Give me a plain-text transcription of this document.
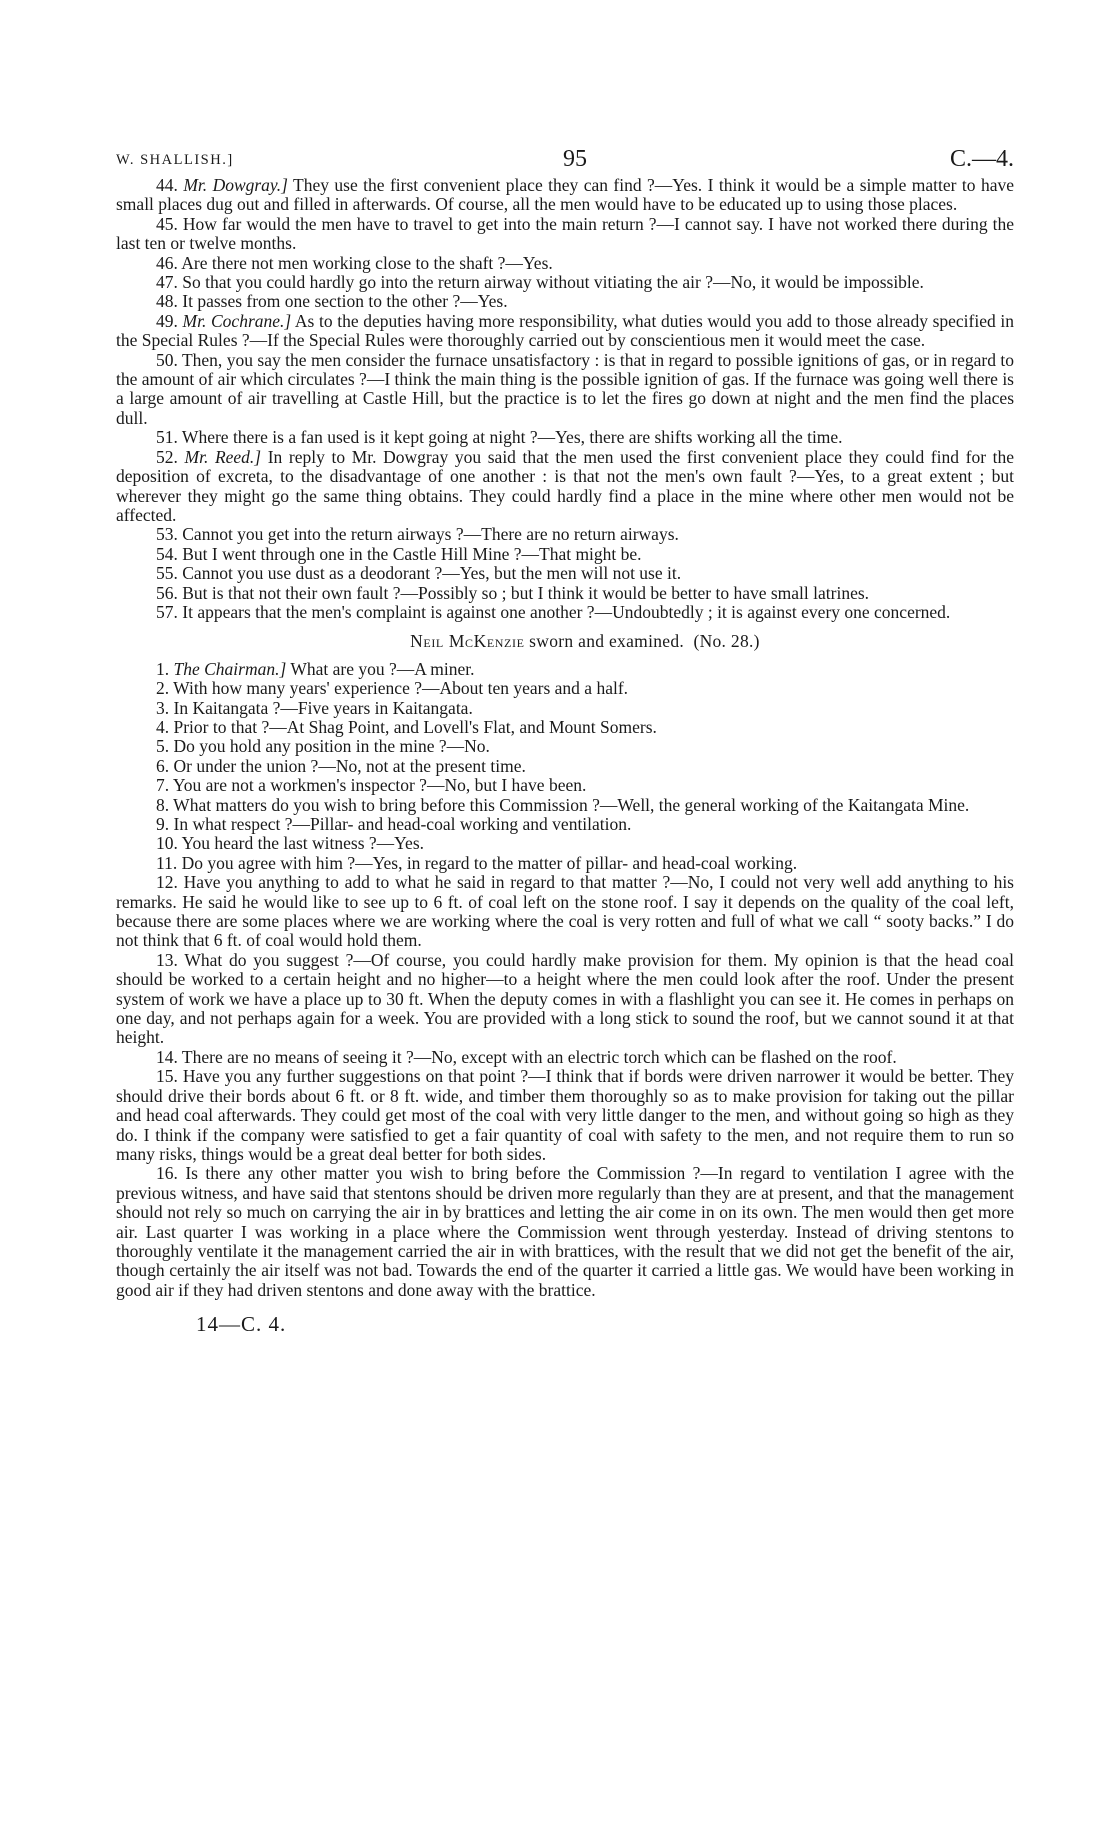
W. SHALLISH.]	95	C.—4.

44. Mr. Dowgray.] They use the first convenient place they can find ?—Yes. I think it would be a simple matter to have small places dug out and filled in afterwards. Of course, all the men would have to be educated up to using those places.

45. How far would the men have to travel to get into the main return ?—I cannot say. I have not worked there during the last ten or twelve months.

46. Are there not men working close to the shaft ?—Yes.

47. So that you could hardly go into the return airway without vitiating the air ?—No, it would be impossible.

48. It passes from one section to the other ?—Yes.

49. Mr. Cochrane.] As to the deputies having more responsibility, what duties would you add to those already specified in the Special Rules ?—If the Special Rules were thoroughly carried out by conscientious men it would meet the case.

50. Then, you say the men consider the furnace unsatisfactory : is that in regard to possible ignitions of gas, or in regard to the amount of air which circulates ?—I think the main thing is the possible ignition of gas. If the furnace was going well there is a large amount of air travelling at Castle Hill, but the practice is to let the fires go down at night and the men find the places dull.

51. Where there is a fan used is it kept going at night ?—Yes, there are shifts working all the time.

52. Mr. Reed.] In reply to Mr. Dowgray you said that the men used the first convenient place they could find for the deposition of excreta, to the disadvantage of one another : is that not the men's own fault ?—Yes, to a great extent ; but wherever they might go the same thing obtains. They could hardly find a place in the mine where other men would not be affected.

53. Cannot you get into the return airways ?—There are no return airways.

54. But I went through one in the Castle Hill Mine ?—That might be.

55. Cannot you use dust as a deodorant ?—Yes, but the men will not use it.

56. But is that not their own fault ?—Possibly so ; but I think it would be better to have small latrines.

57. It appears that the men's complaint is against one another ?—Undoubtedly ; it is against every one concerned.

Neil McKenzie sworn and examined. (No. 28.)

1. The Chairman.] What are you ?—A miner.

2. With how many years' experience ?—About ten years and a half.

3. In Kaitangata ?—Five years in Kaitangata.

4. Prior to that ?—At Shag Point, and Lovell's Flat, and Mount Somers.

5. Do you hold any position in the mine ?—No.

6. Or under the union ?—No, not at the present time.

7. You are not a workmen's inspector ?—No, but I have been.

8. What matters do you wish to bring before this Commission ?—Well, the general working of the Kaitangata Mine.

9. In what respect ?—Pillar- and head-coal working and ventilation.

10. You heard the last witness ?—Yes.

11. Do you agree with him ?—Yes, in regard to the matter of pillar- and head-coal working.

12. Have you anything to add to what he said in regard to that matter ?—No, I could not very well add anything to his remarks. He said he would like to see up to 6 ft. of coal left on the stone roof. I say it depends on the quality of the coal left, because there are some places where we are working where the coal is very rotten and full of what we call “ sooty backs.” I do not think that 6 ft. of coal would hold them.

13. What do you suggest ?—Of course, you could hardly make provision for them. My opinion is that the head coal should be worked to a certain height and no higher—to a height where the men could look after the roof. Under the present system of work we have a place up to 30 ft. When the deputy comes in with a flashlight you can see it. He comes in perhaps on one day, and not perhaps again for a week. You are provided with a long stick to sound the roof, but we cannot sound it at that height.

14. There are no means of seeing it ?—No, except with an electric torch which can be flashed on the roof.

15. Have you any further suggestions on that point ?—I think that if bords were driven narrower it would be better. They should drive their bords about 6 ft. or 8 ft. wide, and timber them thoroughly so as to make provision for taking out the pillar and head coal afterwards. They could get most of the coal with very little danger to the men, and without going so high as they do. I think if the company were satisfied to get a fair quantity of coal with safety to the men, and not require them to run so many risks, things would be a great deal better for both sides.

16. Is there any other matter you wish to bring before the Commission ?—In regard to ventilation I agree with the previous witness, and have said that stentons should be driven more regularly than they are at present, and that the management should not rely so much on carrying the air in by brattices and letting the air come in on its own. The men would then get more air. Last quarter I was working in a place where the Commission went through yesterday. Instead of driving stentons to thoroughly ventilate it the management carried the air in with brattices, with the result that we did not get the benefit of the air, though certainly the air itself was not bad. Towards the end of the quarter it carried a little gas. We would have been working in good air if they had driven stentons and done away with the brattice.

14—C. 4.
